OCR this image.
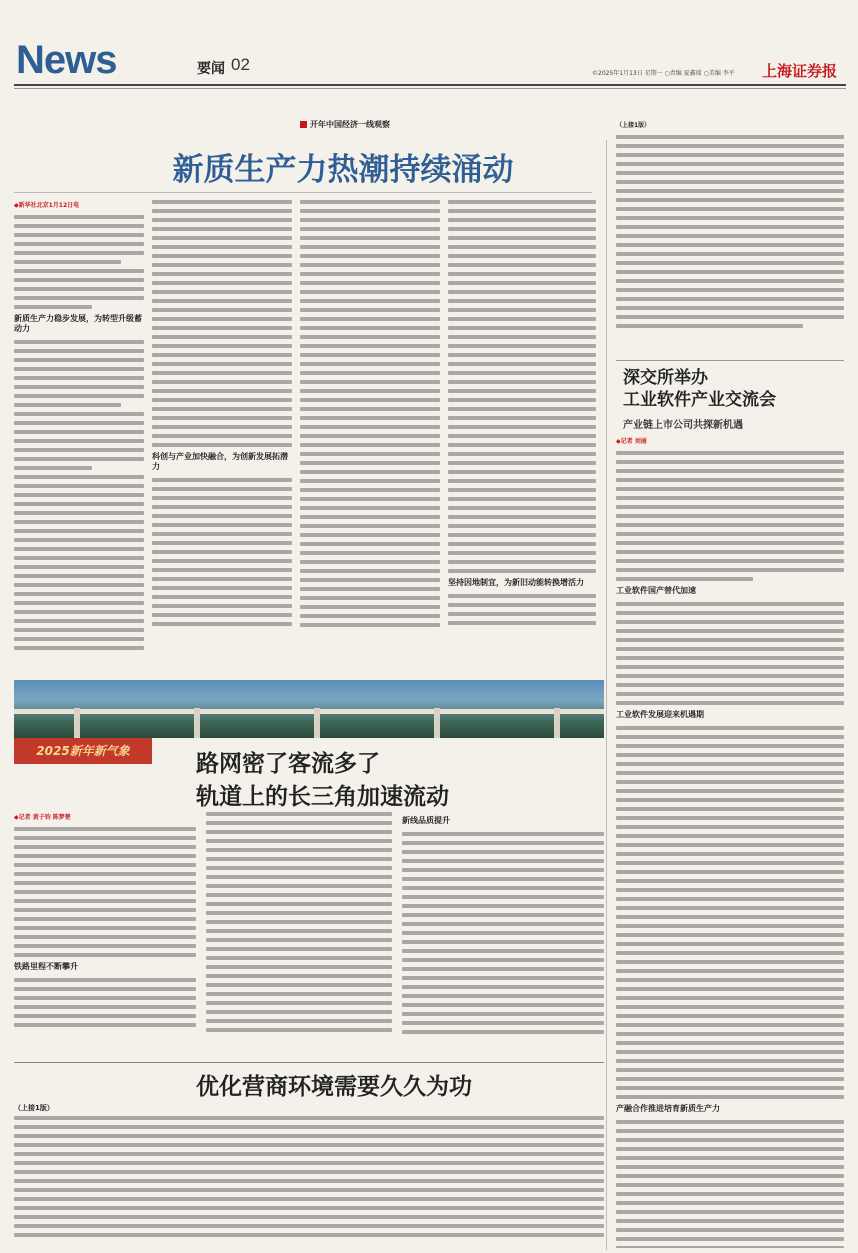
News	要闻 02	©2025年1月13日 星期一 ○责编 夏鑫瑞 ○美编 李平 上海证券报
开年中国经济一线观察
新质生产力热潮持续涌动
◆新华社北京1月12日电
新质生产力稳步发展，为转型升级蓄动力
科创与产业加快融合，为创新发展拓潜力
坚持因地制宜，为新旧动能转换增活力
（上接1版）
深交所举办
工业软件产业交流会
产业链上市公司共探新机遇
◆记者 刘丽
工业软件国产替代加速
工业软件发展迎来机遇期
产融合作推进培育新质生产力
2025新年新气象	路网密了客流多了
轨道上的长三角加速流动
◆记者 黄子钧 陈梦楚
铁路里程不断攀升
新线品质提升
优化营商环境需要久久为功
（上接1版）
